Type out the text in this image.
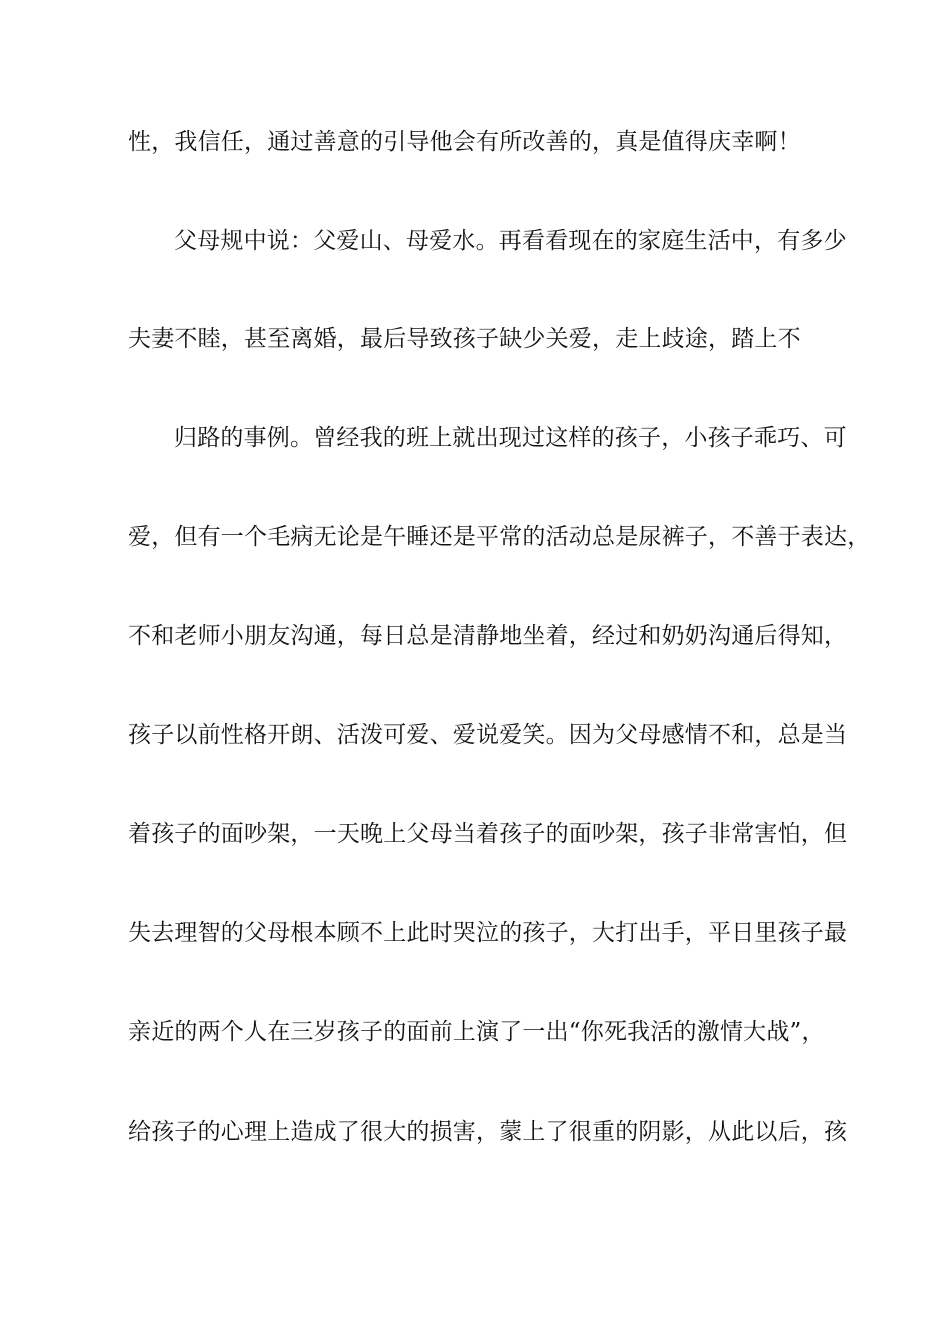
性，我信任，通过善意的引导他会有所改善的，真是值得庆幸啊！
父母规中说：父爱山、母爱水。再看看现在的家庭生活中，有多少
夫妻不睦，甚至离婚，最后导致孩子缺少关爱，走上歧途，踏上不
归路的事例。曾经我的班上就出现过这样的孩子，小孩子乖巧、可
爱，但有一个毛病无论是午睡还是平常的活动总是尿裤子，不善于表达，
不和老师小朋友沟通，每日总是清静地坐着，经过和奶奶沟通后得知，
孩子以前性格开朗、活泼可爱、爱说爱笑。因为父母感情不和，总是当
着孩子的面吵架，一天晚上父母当着孩子的面吵架，孩子非常害怕，但
失去理智的父母根本顾不上此时哭泣的孩子，大打出手，平日里孩子最
亲近的两个人在三岁孩子的面前上演了一出“你死我活的激情大战”，
给孩子的心理上造成了很大的损害，蒙上了很重的阴影，从此以后，孩
